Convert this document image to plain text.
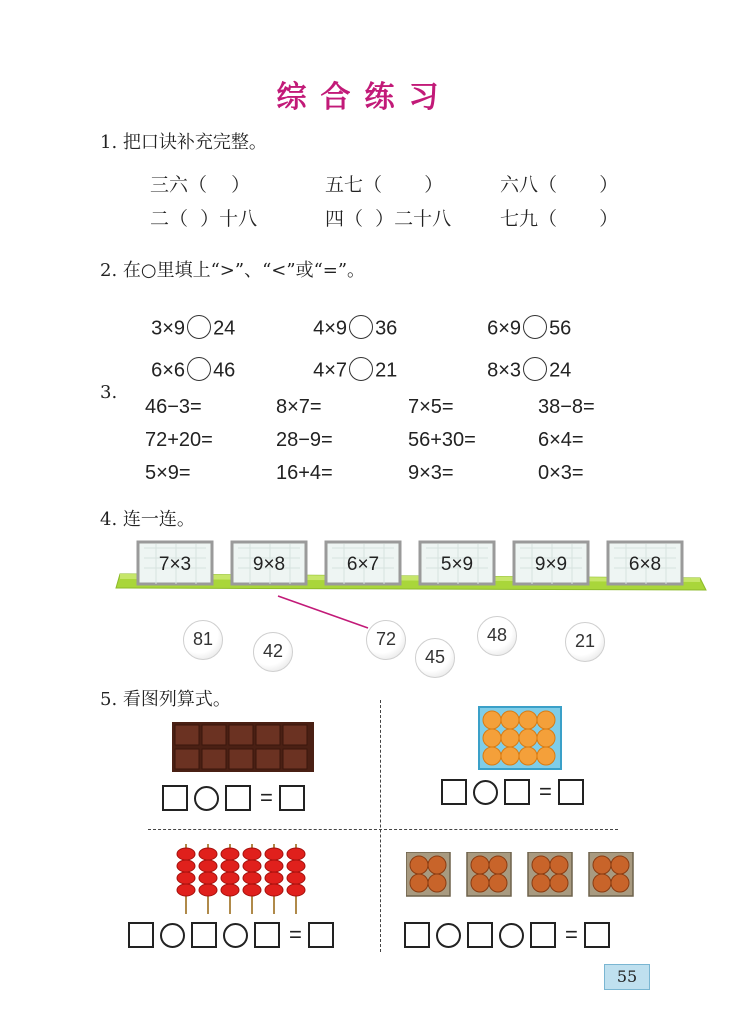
综合练习
1. 把口诀补充完整。
三六（    ）	五七（       ）	六八（       ）
二（  ）十八	四（  ）二十八	七九（       ）
2. 在○里填上“>”、“<”或“=”。

3×9 24	4×9 36	6×9 56

6×6 46	4×7 21	8×3 24

3.
46−3=	8×7=	7×5=	38−8=
72+20=	28−9=	56+30=	6×4=
5×9=	16+4=	9×3=	0×3=
4. 连一连。
7×3	9×8	6×7	5×9	9×9	6×8
81
42
72
45
48	21
5. 看图列算式。
=	=
=	=
55
